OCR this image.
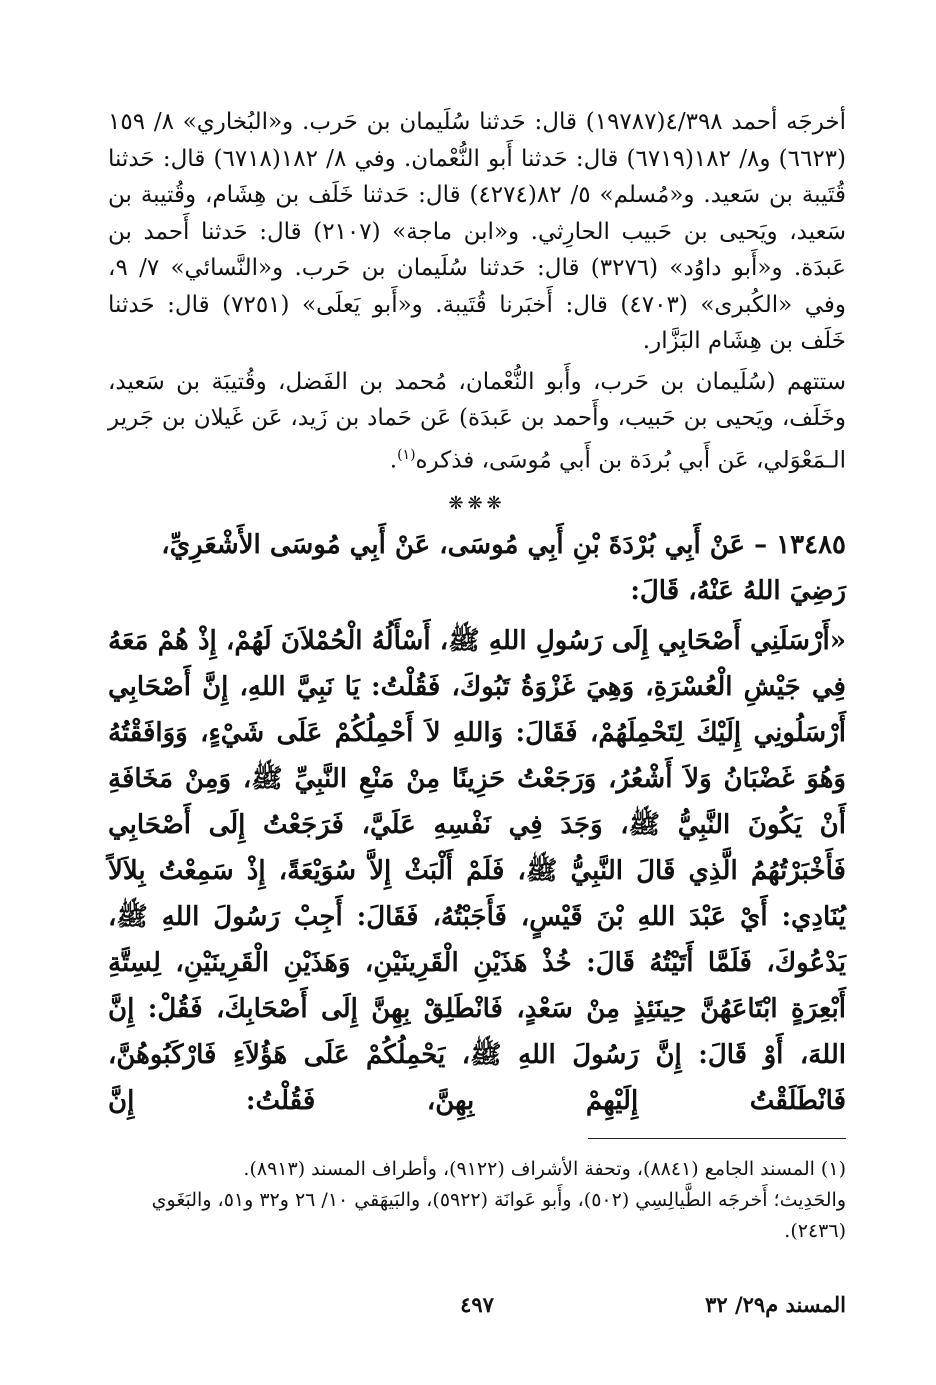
أخرجَه أحمد ٤/٣٩٨(١٩٧٨٧) قال: حَدثنا سُلَيمان بن حَرب. و«البُخاري» ٨/ ١٥٩ (٦٦٢٣) و٨/ ١٨٢(٦٧١٩) قال: حَدثنا أَبو النُّعْمان. وفي ٨/ ١٨٢(٦٧١٨) قال: حَدثنا قُتَيبة بن سَعيد. و«مُسلم» ٥/ ٨٢(٤٢٧٤) قال: حَدثنا خَلَف بن هِشَام، وقُتيبة بن سَعيد، ويَحيى بن حَبيب الحارِثي. و«ابن ماجة» (٢١٠٧) قال: حَدثنا أَحمد بن عَبدَة. و«أَبو داوُد» (٣٢٧٦) قال: حَدثنا سُلَيمان بن حَرب. و«النَّسائي» ٧/ ٩، وفي «الكُبرى» (٤٧٠٣) قال: أَخبَرنا قُتَيبة. و«أَبو يَعلَى» (٧٢٥١) قال: حَدثنا خَلَف بن هِشَام البَزَّار.

ستتهم (سُلَيمان بن حَرب، وأَبو النُّعْمان، مُحمد بن الفَضل، وقُتيبَة بن سَعيد، وخَلَف، ويَحيى بن حَبيب، وأَحمد بن عَبدَة) عَن حَماد بن زَيد، عَن غَيلان بن جَرير الـمَعْوَلي، عَن أَبي بُردَة بن أَبي مُوسَى، فذكره$^{(١)}$.

❋❋❋

١٣٤٨٥ – عَنْ أَبِي بُرْدَةَ بْنِ أَبِي مُوسَى، عَنْ أَبِي مُوسَى الأَشْعَرِيِّ، رَضِيَ اللهُ عَنْهُ، قَالَ:

«أَرْسَلَنِي أَصْحَابِي إِلَى رَسُولِ اللهِ ﷺ، أَسْأَلُهُ الْحُمْلاَنَ لَهُمْ، إِذْ هُمْ مَعَهُ فِي جَيْشِ الْعُسْرَةِ، وَهِيَ غَزْوَةُ تَبُوكَ، فَقُلْتُ: يَا نَبِيَّ اللهِ، إِنَّ أَصْحَابِي أَرْسَلُونِي إِلَيْكَ لِتَحْمِلَهُمْ، فَقَالَ: وَاللهِ لاَ أَحْمِلُكُمْ عَلَى شَيْءٍ، وَوَافَقْتُهُ وَهُوَ غَضْبَانُ وَلاَ أَشْعُرُ، وَرَجَعْتُ حَزِينًا مِنْ مَنْعِ النَّبِيِّ ﷺ، وَمِنْ مَخَافَةِ أَنْ يَكُونَ النَّبِيُّ ﷺ، وَجَدَ فِي نَفْسِهِ عَلَيَّ، فَرَجَعْتُ إِلَى أَصْحَابِي فَأَخْبَرْتُهُمُ الَّذِي قَالَ النَّبِيُّ ﷺ، فَلَمْ أَلْبَثْ إِلاَّ سُوَيْعَةً، إِذْ سَمِعْتُ بِلاَلاً يُنَادِي: أَيْ عَبْدَ اللهِ بْنَ قَيْسٍ، فَأَجَبْتُهُ، فَقَالَ: أَجِبْ رَسُولَ اللهِ ﷺ، يَدْعُوكَ، فَلَمَّا أَتَيْتُهُ قَالَ: خُذْ هَذَيْنِ الْقَرِينَيْنِ، وَهَذَيْنِ الْقَرِينَيْنِ، لِسِتَّةِ أَبْعِرَةٍ ابْتَاعَهُنَّ حِينَئِذٍ مِنْ سَعْدٍ، فَانْطَلِقْ بِهِنَّ إِلَى أَصْحَابِكَ، فَقُلْ: إِنَّ اللهَ، أَوْ قَالَ: إِنَّ رَسُولَ اللهِ ﷺ، يَحْمِلُكُمْ عَلَى هَؤُلاَءِ فَارْكَبُوهُنَّ، فَانْطَلَقْتُ إِلَيْهِمْ بِهِنَّ، فَقُلْتُ: إِنَّ

(١) المسند الجامع (٨٨٤١)، وتحفة الأشراف (٩١٢٢)، وأطراف المسند (٨٩١٣).

والحَدِيث؛ أَخرجَه الطَّيالِسِي (٥٠٢)، وأَبو عَوانَة (٥٩٢٢)، والبَيهَقي ١٠/ ٢٦ و٣٢ و٥١، والبَغَوي (٢٤٣٦).

المسند م٢٩/ ٣٢
٤٩٧
